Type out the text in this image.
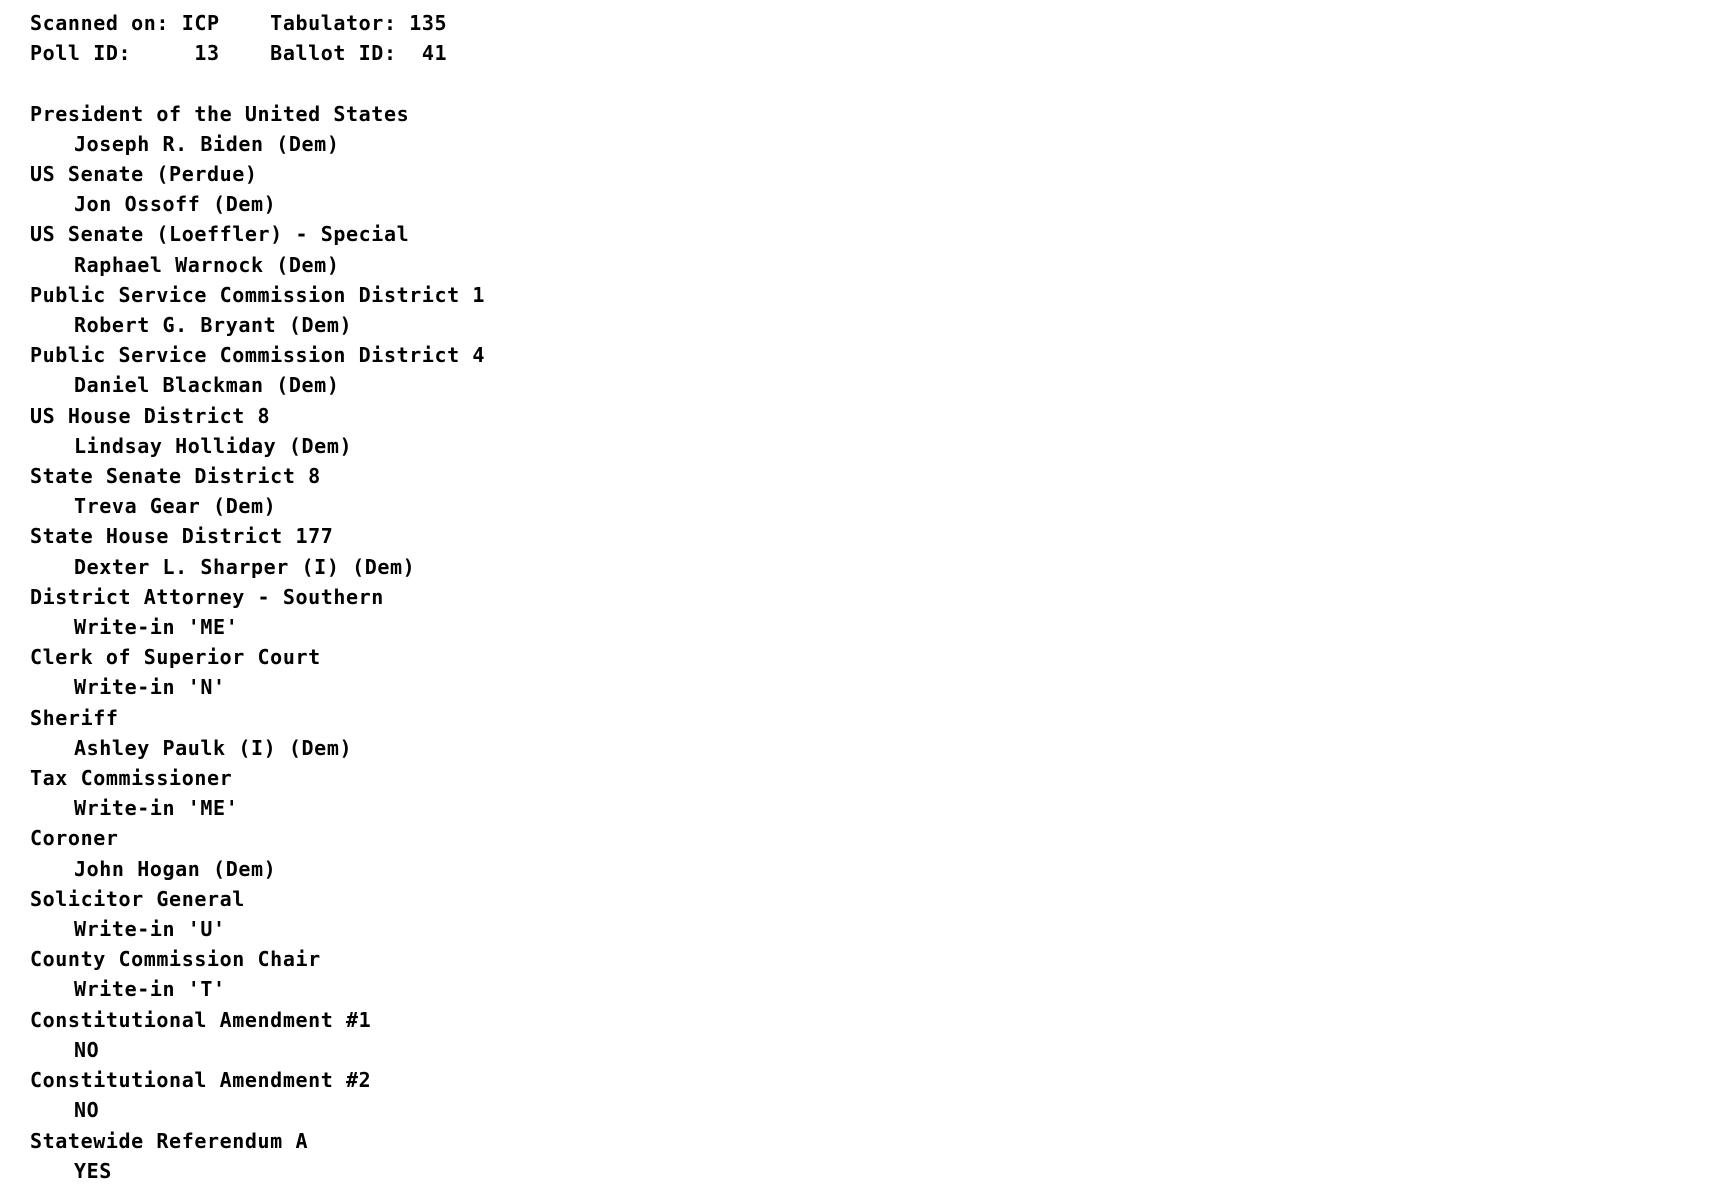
Scanned on: ICP    Tabulator: 135
Poll ID:     13    Ballot ID:  41
President of the United States
Joseph R. Biden (Dem)
US Senate (Perdue)
Jon Ossoff (Dem)
US Senate (Loeffler) - Special
Raphael Warnock (Dem)
Public Service Commission District 1
Robert G. Bryant (Dem)
Public Service Commission District 4
Daniel Blackman (Dem)
US House District 8
Lindsay Holliday (Dem)
State Senate District 8
Treva Gear (Dem)
State House District 177
Dexter L. Sharper (I) (Dem)
District Attorney - Southern
Write-in 'ME'
Clerk of Superior Court
Write-in 'N'
Sheriff
Ashley Paulk (I) (Dem)
Tax Commissioner
Write-in 'ME'
Coroner
John Hogan (Dem)
Solicitor General
Write-in 'U'
County Commission Chair
Write-in 'T'
Constitutional Amendment #1
NO
Constitutional Amendment #2
NO
Statewide Referendum A
YES
